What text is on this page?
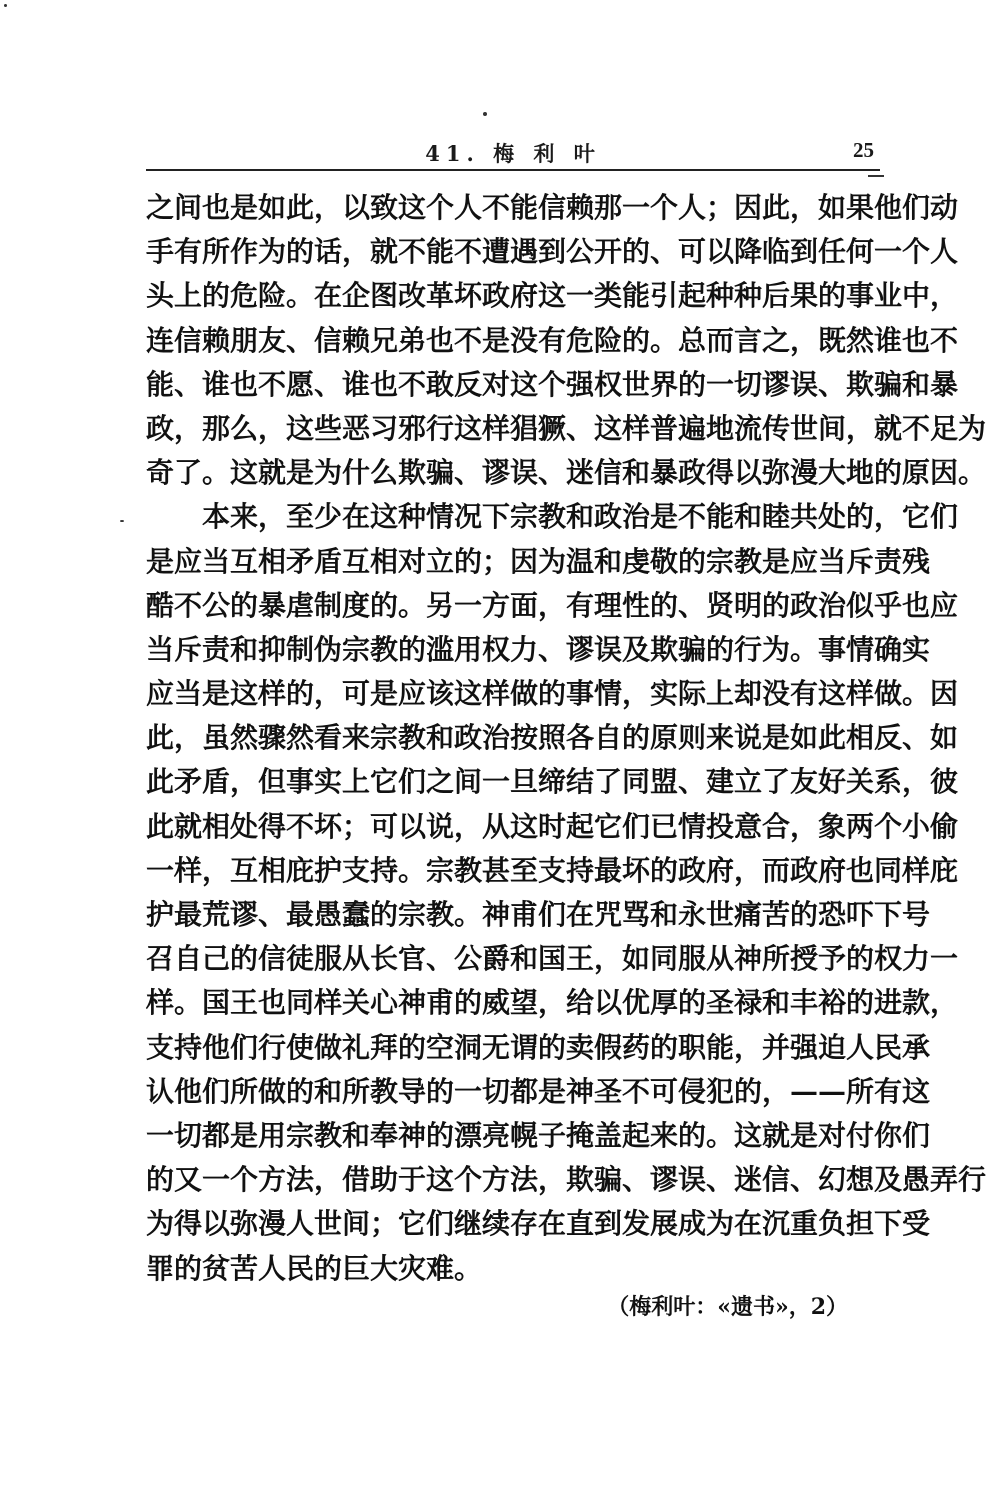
41. 梅 利 叶	25
之间也是如此，以致这个人不能信赖那一个人；因此，如果他们动
手有所作为的话，就不能不遭遇到公开的、可以降临到任何一个人
头上的危险。在企图改革坏政府这一类能引起种种后果的事业中，
连信赖朋友、信赖兄弟也不是没有危险的。总而言之，既然谁也不
能、谁也不愿、谁也不敢反对这个强权世界的一切谬误、欺骗和暴
政，那么，这些恶习邪行这样猖獗、这样普遍地流传世间，就不足为
奇了。这就是为什么欺骗、谬误、迷信和暴政得以弥漫大地的原因。
本来，至少在这种情况下宗教和政治是不能和睦共处的，它们
是应当互相矛盾互相对立的；因为温和虔敬的宗教是应当斥责残
酷不公的暴虐制度的。另一方面，有理性的、贤明的政治似乎也应
当斥责和抑制伪宗教的滥用权力、谬误及欺骗的行为。事情确实
应当是这样的，可是应该这样做的事情，实际上却没有这样做。因
此，虽然骤然看来宗教和政治按照各自的原则来说是如此相反、如
此矛盾，但事实上它们之间一旦缔结了同盟、建立了友好关系，彼
此就相处得不坏；可以说，从这时起它们已情投意合，象两个小偷
一样，互相庇护支持。宗教甚至支持最坏的政府，而政府也同样庇
护最荒谬、最愚蠢的宗教。神甫们在咒骂和永世痛苦的恐吓下号
召自己的信徒服从长官、公爵和国王，如同服从神所授予的权力一
样。国王也同样关心神甫的威望，给以优厚的圣禄和丰裕的进款，
支持他们行使做礼拜的空洞无谓的卖假药的职能，并强迫人民承
认他们所做的和所教导的一切都是神圣不可侵犯的，——所有这
一切都是用宗教和奉神的漂亮幌子掩盖起来的。这就是对付你们
的又一个方法，借助于这个方法，欺骗、谬误、迷信、幻想及愚弄行
为得以弥漫人世间；它们继续存在直到发展成为在沉重负担下受
罪的贫苦人民的巨大灾难。
（梅利叶：«遗书»，2）
